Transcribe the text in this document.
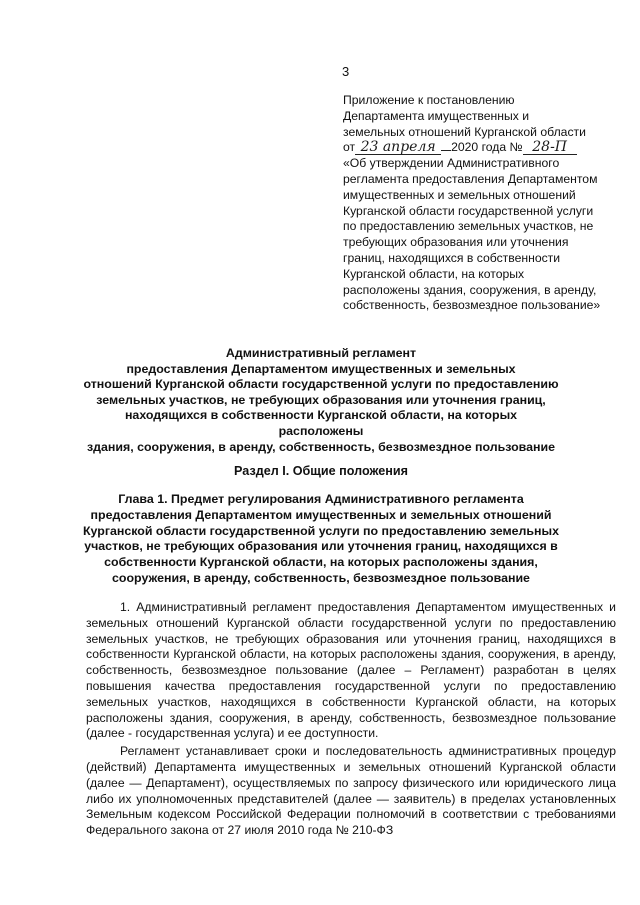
3
Приложение к постановлению
Департамента имущественных и
земельных отношений Курганской области
от 23 апреля 2020 года № 28-П
«Об утверждении Административного
регламента предоставления Департаментом
имущественных и земельных отношений
Курганской области государственной услуги
по предоставлению земельных участков, не
требующих образования или уточнения
границ, находящихся в собственности
Курганской области, на которых
расположены здания, сооружения, в аренду,
собственность, безвозмездное пользование»
Административный регламент
предоставления Департаментом имущественных и земельных
отношений Курганской области государственной услуги по предоставлению
земельных участков, не требующих образования или уточнения границ,
находящихся в собственности Курганской области, на которых расположены
здания, сооружения, в аренду, собственность, безвозмездное пользование
Раздел I. Общие положения
Глава 1. Предмет регулирования Административного регламента
предоставления Департаментом имущественных и земельных отношений
Курганской области государственной услуги по предоставлению земельных
участков, не требующих образования или уточнения границ, находящихся в
собственности Курганской области, на которых расположены здания,
сооружения, в аренду, собственность, безвозмездное пользование

1. Административный регламент предоставления Департаментом имущественных и земельных отношений Курганской области государственной услуги по предоставлению земельных участков, не требующих образования или уточнения границ, находящихся в собственности Курганской области, на которых расположены здания, сооружения, в аренду, собственность, безвозмездное пользование (далее – Регламент) разработан в целях повышения качества предоставления государственной услуги по предоставлению земельных участков, находящихся в собственности Курганской области, на которых расположены здания, сооружения, в аренду, собственность, безвозмездное пользование (далее - государственная услуга) и ее доступности.

Регламент устанавливает сроки и последовательность административных процедур (действий) Департамента имущественных и земельных отношений Курганской области (далее — Департамент), осуществляемых по запросу физического или юридического лица либо их уполномоченных представителей (далее — заявитель) в пределах установленных Земельным кодексом Российской Федерации полномочий в соответствии с требованиями Федерального закона от 27 июля 2010 года № 210-ФЗ
